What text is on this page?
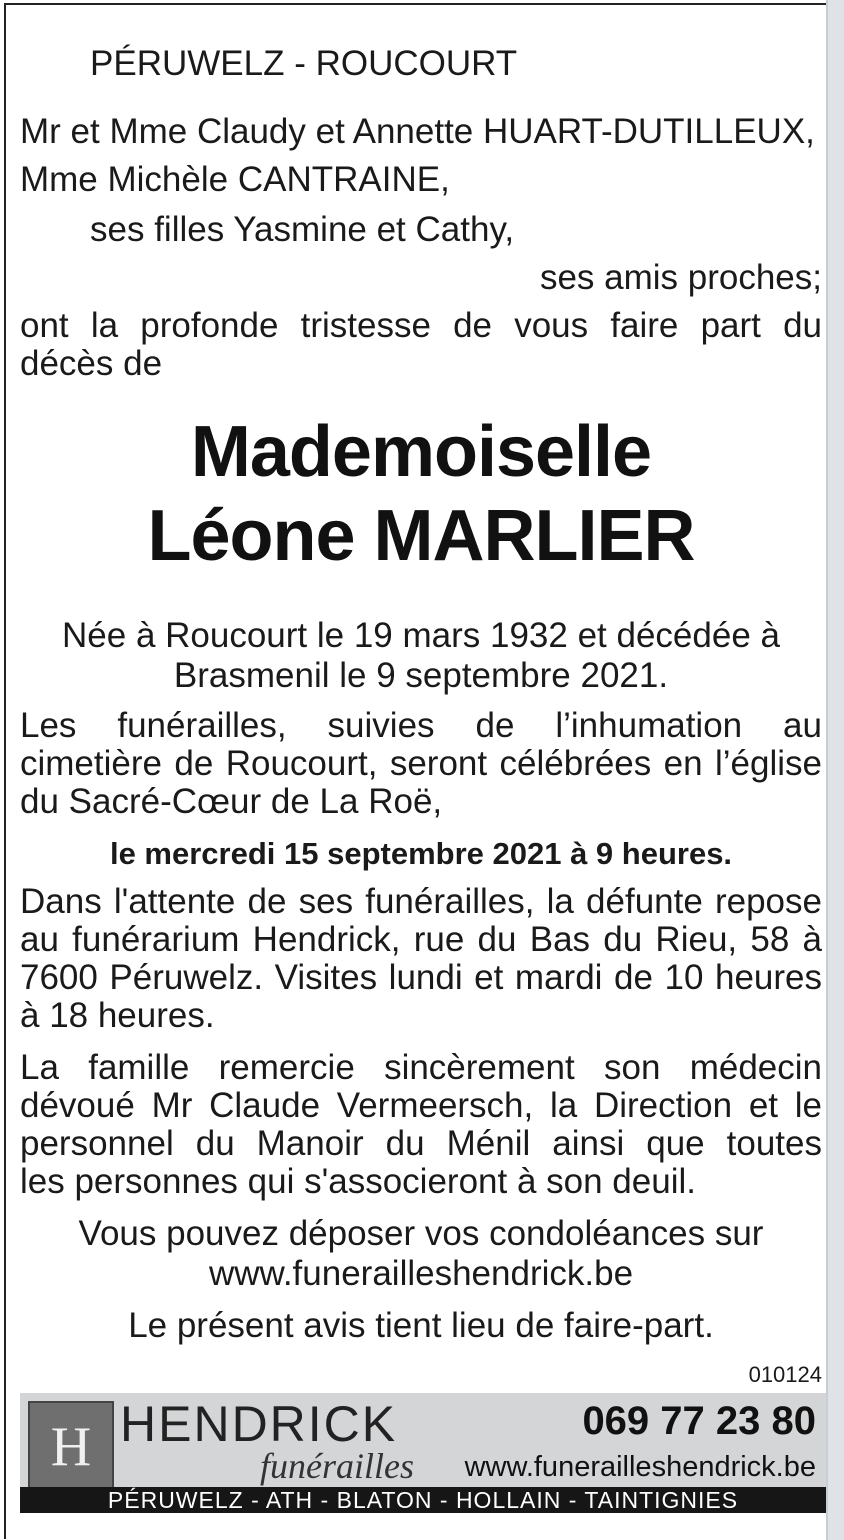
PÉRUWELZ - ROUCOURT
Mr et Mme Claudy et Annette HUART-DUTILLEUX,
Mme Michèle CANTRAINE,
ses filles Yasmine et Cathy,
ses amis proches;
ont la profonde tristesse de vous faire part du
décès de
Mademoiselle
Léone MARLIER
Née à Roucourt le 19 mars 1932 et décédée à
Brasmenil le 9 septembre 2021.
Les funérailles, suivies de l’inhumation au
cimetière de Roucourt, seront célébrées en l’église
du Sacré-Cœur de La Roë,
le mercredi 15 septembre 2021 à 9 heures.
Dans l'attente de ses funérailles, la défunte repose
au funérarium Hendrick, rue du Bas du Rieu, 58 à
7600 Péruwelz. Visites lundi et mardi de 10 heures
à 18 heures.
La famille remercie sincèrement son médecin
dévoué Mr Claude Vermeersch, la Direction et le
personnel du Manoir du Ménil ainsi que toutes
les personnes qui s'associeront à son deuil.
Vous pouvez déposer vos condoléances sur
www.funerailleshendrick.be
Le présent avis tient lieu de faire-part.
010124
H HENDRICK
funérailles
069 77 23 80
www.funerailleshendrick.be
PÉRUWELZ - ATH - BLATON - HOLLAIN - TAINTIGNIES
